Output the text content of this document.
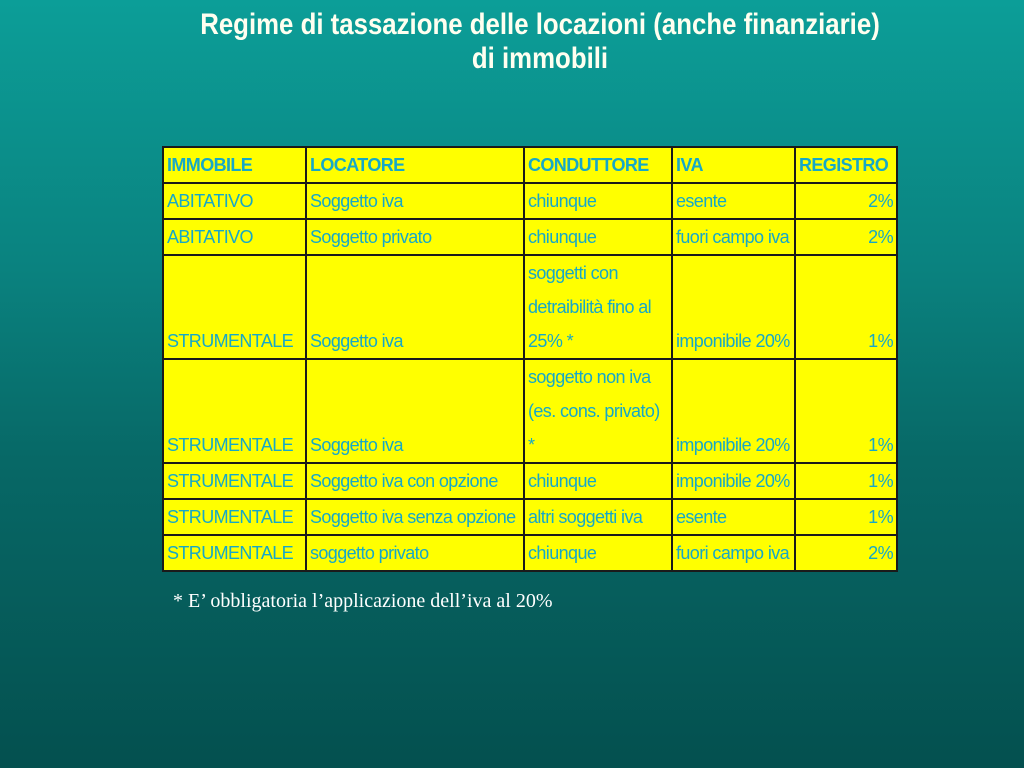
Regime di tassazione delle locazioni (anche finanziarie)
di immobili
IMMOBILE	LOCATORE	CONDUTTORE	IVA	REGISTRO
ABITATIVO	Soggetto iva	chiunque	esente	2%
ABITATIVO	Soggetto privato	chiunque	fuori campo iva	2%
STRUMENTALE	Soggetto iva	soggetti con detraibilità fino al 25% *	imponibile 20%	1%
STRUMENTALE	Soggetto iva	soggetto non iva (es. cons. privato) *	imponibile 20%	1%
STRUMENTALE	Soggetto iva con opzione	chiunque	imponibile 20%	1%
STRUMENTALE	Soggetto iva senza opzione	altri soggetti iva	esente	1%
STRUMENTALE	soggetto privato	chiunque	fuori campo iva	2%
* E’ obbligatoria l’applicazione dell’iva al 20%
